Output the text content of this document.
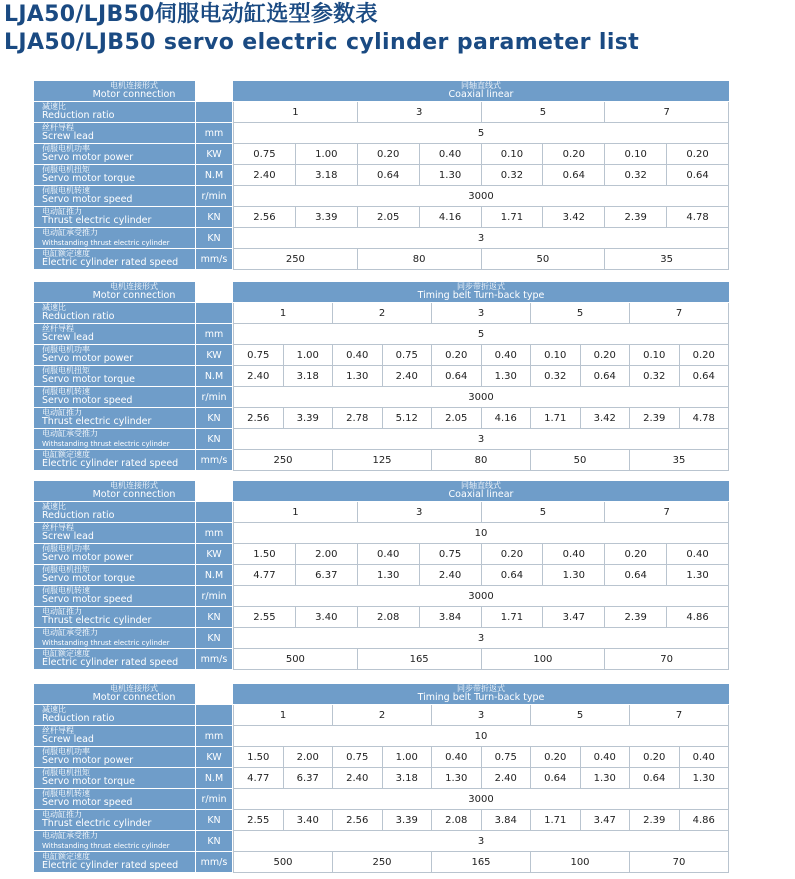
LJA50/LJB50伺服电动缸选型参数表
LJA50/LJB50 servo electric cylinder parameter list
电机连接形式
Motor connection
同轴直线式
Coaxial linear
减速比
Reduction ratio	1	3	5	7
丝杆导程
Screw lead	mm	5
伺服电机功率
Servo motor power	KW	0.75	1.00	0.20	0.40	0.10	0.20	0.10	0.20
伺服电机扭矩
Servo motor torque	N.M	2.40	3.18	0.64	1.30	0.32	0.64	0.32	0.64
伺服电机转速
Servo motor speed	r/min	3000
电动缸推力
Thrust electric cylinder	KN	2.56	3.39	2.05	4.16	1.71	3.42	2.39	4.78
电动缸承受推力
Withstanding thrust electric cylinder	KN	3
电缸额定速度
Electric cylinder rated speed	mm/s	250	80	50	35
电机连接形式
Motor connection
同步带折返式
Timing belt Turn-back type
减速比
Reduction ratio	1	2	3	5	7
丝杆导程
Screw lead	mm	5
伺服电机功率
Servo motor power	KW	0.75	1.00	0.40	0.75	0.20	0.40	0.10	0.20	0.10	0.20
伺服电机扭矩
Servo motor torque	N.M	2.40	3.18	1.30	2.40	0.64	1.30	0.32	0.64	0.32	0.64
伺服电机转速
Servo motor speed	r/min	3000
电动缸推力
Thrust electric cylinder	KN	2.56	3.39	2.78	5.12	2.05	4.16	1.71	3.42	2.39	4.78
电动缸承受推力
Withstanding thrust electric cylinder	KN	3
电缸额定速度
Electric cylinder rated speed	mm/s	250	125	80	50	35
电机连接形式
Motor connection
同轴直线式
Coaxial linear
减速比
Reduction ratio	1	3	5	7
丝杆导程
Screw lead	mm	10
伺服电机功率
Servo motor power	KW	1.50	2.00	0.40	0.75	0.20	0.40	0.20	0.40
伺服电机扭矩
Servo motor torque	N.M	4.77	6.37	1.30	2.40	0.64	1.30	0.64	1.30
伺服电机转速
Servo motor speed	r/min	3000
电动缸推力
Thrust electric cylinder	KN	2.55	3.40	2.08	3.84	1.71	3.47	2.39	4.86
电动缸承受推力
Withstanding thrust electric cylinder	KN	3
电缸额定速度
Electric cylinder rated speed	mm/s	500	165	100	70
电机连接形式
Motor connection
同步带折返式
Timing belt Turn-back type
减速比
Reduction ratio	1	2	3	5	7
丝杆导程
Screw lead	mm	10
伺服电机功率
Servo motor power	KW	1.50	2.00	0.75	1.00	0.40	0.75	0.20	0.40	0.20	0.40
伺服电机扭矩
Servo motor torque	N.M	4.77	6.37	2.40	3.18	1.30	2.40	0.64	1.30	0.64	1.30
伺服电机转速
Servo motor speed	r/min	3000
电动缸推力
Thrust electric cylinder	KN	2.55	3.40	2.56	3.39	2.08	3.84	1.71	3.47	2.39	4.86
电动缸承受推力
Withstanding thrust electric cylinder	KN	3
电缸额定速度
Electric cylinder rated speed	mm/s	500	250	165	100	70
